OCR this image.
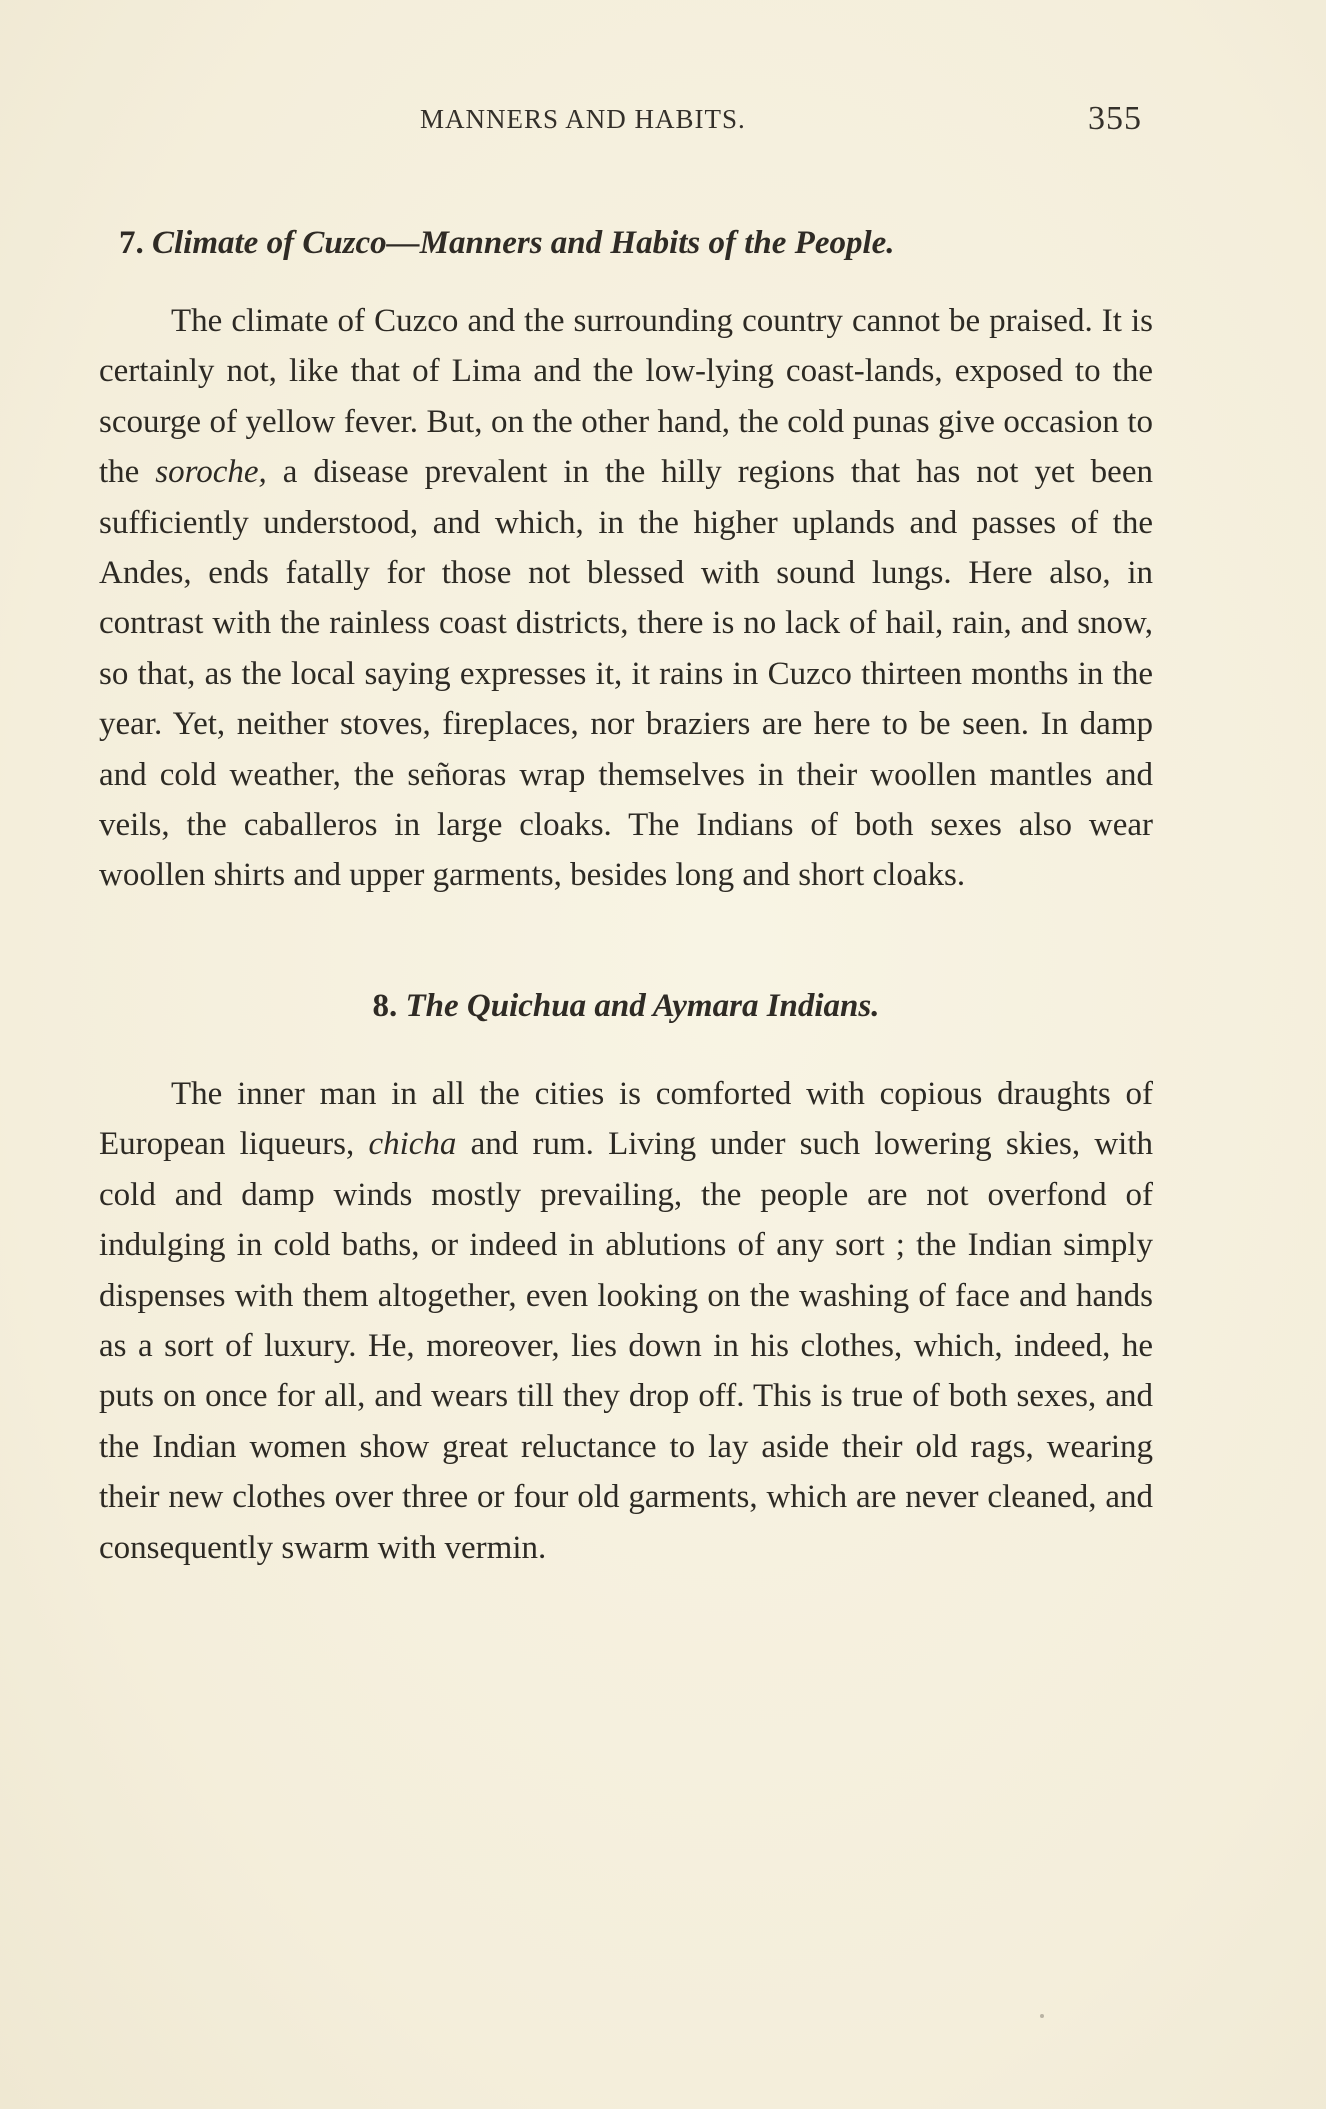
MANNERS AND HABITS.	355
7. Climate of Cuzco—Manners and Habits of the People.

The climate of Cuzco and the surrounding country cannot be praised. It is certainly not, like that of Lima and the low-lying coast-lands, exposed to the scourge of yellow fever. But, on the other hand, the cold punas give occasion to the soroche, a disease prevalent in the hilly regions that has not yet been sufficiently understood, and which, in the higher uplands and passes of the Andes, ends fatally for those not blessed with sound lungs. Here also, in contrast with the rainless coast districts, there is no lack of hail, rain, and snow, so that, as the local saying expresses it, it rains in Cuzco thirteen months in the year. Yet, neither stoves, fireplaces, nor braziers are here to be seen. In damp and cold weather, the señoras wrap themselves in their woollen mantles and veils, the caballeros in large cloaks. The Indians of both sexes also wear woollen shirts and upper garments, besides long and short cloaks.

8. The Quichua and Aymara Indians.

The inner man in all the cities is comforted with copious draughts of European liqueurs, chicha and rum. Living under such lowering skies, with cold and damp winds mostly prevailing, the people are not overfond of indulging in cold baths, or indeed in ablutions of any sort ; the Indian simply dispenses with them altogether, even looking on the washing of face and hands as a sort of luxury. He, moreover, lies down in his clothes, which, indeed, he puts on once for all, and wears till they drop off. This is true of both sexes, and the Indian women show great reluctance to lay aside their old rags, wearing their new clothes over three or four old garments, which are never cleaned, and consequently swarm with vermin.
